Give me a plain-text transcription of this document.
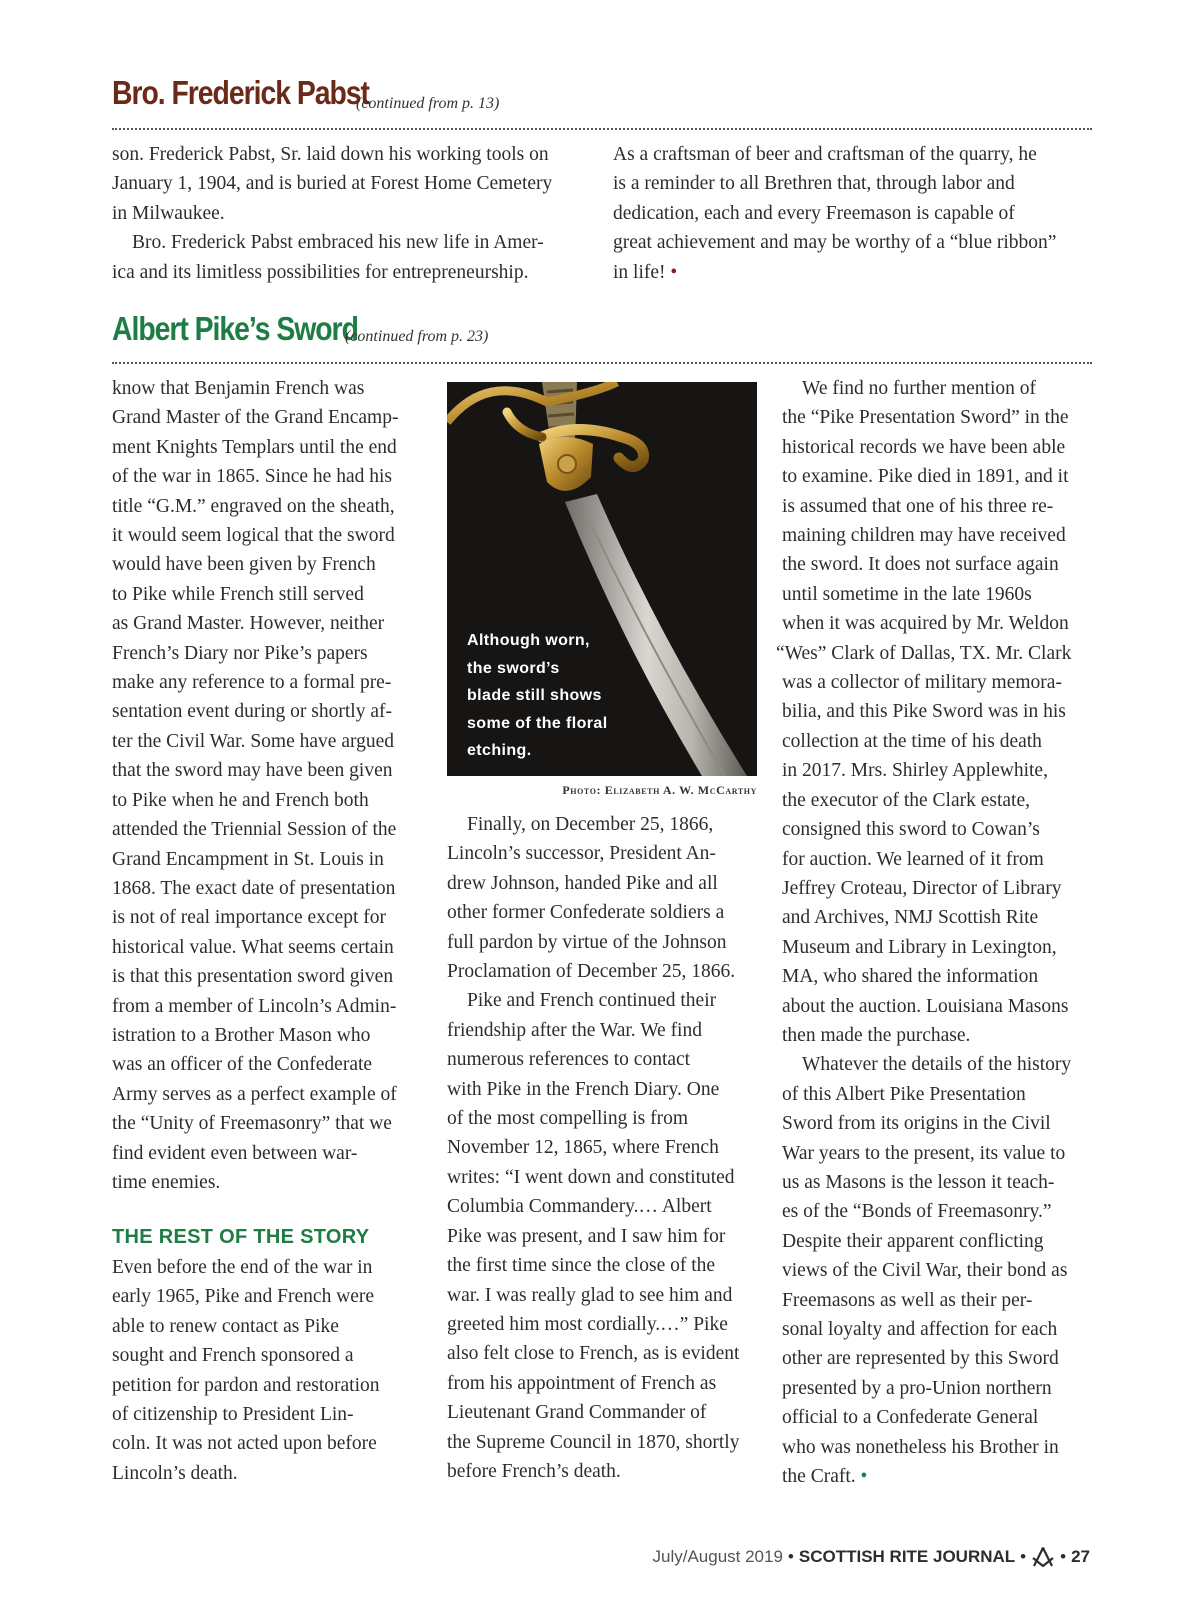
Bro. Frederick Pabst
(continued from p. 13)

son. Frederick Pabst, Sr. laid down his working tools on

January 1, 1904, and is buried at Forest Home Cemetery

in Milwaukee.

Bro. Frederick Pabst embraced his new life in Amer-

ica and its limitless possibilities for entrepreneurship.

As a craftsman of beer and craftsman of the quarry, he

is a reminder to all Brethren that, through labor and

dedication, each and every Freemason is capable of

great achievement and may be worthy of a “blue ribbon”

in life! •

Albert Pike’s Sword
(continued from p. 23)

know that Benjamin French was

Grand Master of the Grand Encamp-

ment Knights Templars until the end

of the war in 1865. Since he had his

title “G.M.” engraved on the sheath,

it would seem logical that the sword

would have been given by French

to Pike while French still served

as Grand Master. However, neither

French’s Diary nor Pike’s papers

make any reference to a formal pre-

sentation event during or shortly af-

ter the Civil War. Some have argued

that the sword may have been given

to Pike when he and French both

attended the Triennial Session of the

Grand Encampment in St. Louis in

1868. The exact date of presentation

is not of real importance except for

historical value. What seems certain

is that this presentation sword given

from a member of Lincoln’s Admin-

istration to a Brother Mason who

was an officer of the Confederate

Army serves as a perfect example of

the “Unity of Freemasonry” that we

find evident even between war-

time enemies.

THE REST OF THE STORY

Even before the end of the war in

early 1965, Pike and French were

able to renew contact as Pike

sought and French sponsored a

petition for pardon and restoration

of citizenship to President Lin-

coln. It was not acted upon before

Lincoln’s death.

Although worn,

the sword’s

blade still shows

some of the floral

etching.

Photo: Elizabeth A. W. McCarthy

Finally, on December 25, 1866,

Lincoln’s successor, President An-

drew Johnson, handed Pike and all

other former Confederate soldiers a

full pardon by virtue of the Johnson

Proclamation of December 25, 1866.

Pike and French continued their

friendship after the War. We find

numerous references to contact

with Pike in the French Diary. One

of the most compelling is from

November 12, 1865, where French

writes: “I went down and constituted

Columbia Commandery.… Albert

Pike was present, and I saw him for

the first time since the close of the

war. I was really glad to see him and

greeted him most cordially.…” Pike

also felt close to French, as is evident

from his appointment of French as

Lieutenant Grand Commander of

the Supreme Council in 1870, shortly

before French’s death.

We find no further mention of

the “Pike Presentation Sword” in the

historical records we have been able

to examine. Pike died in 1891, and it

is assumed that one of his three re-

maining children may have received

the sword. It does not surface again

until sometime in the late 1960s

when it was acquired by Mr. Weldon

“Wes” Clark of Dallas, TX. Mr. Clark

was a collector of military memora-

bilia, and this Pike Sword was in his

collection at the time of his death

in 2017. Mrs. Shirley Applewhite,

the executor of the Clark estate,

consigned this sword to Cowan’s

for auction. We learned of it from

Jeffrey Croteau, Director of Library

and Archives, NMJ Scottish Rite

Museum and Library in Lexington,

MA, who shared the information

about the auction. Louisiana Masons

then made the purchase.

Whatever the details of the history

of this Albert Pike Presentation

Sword from its origins in the Civil

War years to the present, its value to

us as Masons is the lesson it teach-

es of the “Bonds of Freemasonry.”

Despite their apparent conflicting

views of the Civil War, their bond as

Freemasons as well as their per-

sonal loyalty and affection for each

other are represented by this Sword

presented by a pro-Union northern

official to a Confederate General

who was nonetheless his Brother in

the Craft. •

July/August 2019 • SCOTTISH RITE JOURNAL • • 27
